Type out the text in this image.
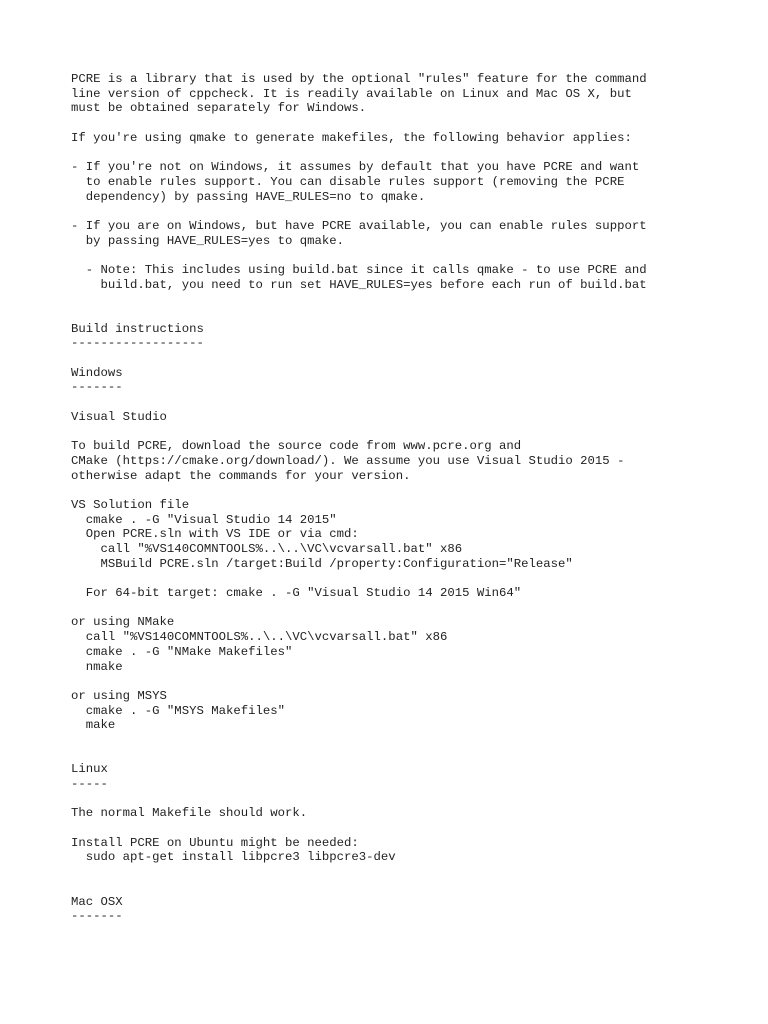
PCRE is a library that is used by the optional "rules" feature for the command
line version of cppcheck. It is readily available on Linux and Mac OS X, but
must be obtained separately for Windows.
If you're using qmake to generate makefiles, the following behavior applies:
- If you're not on Windows, it assumes by default that you have PCRE and want
to enable rules support. You can disable rules support (removing the PCRE
dependency) by passing HAVE_RULES=no to qmake.
- If you are on Windows, but have PCRE available, you can enable rules support
by passing HAVE_RULES=yes to qmake.
- Note: This includes using build.bat since it calls qmake - to use PCRE and
build.bat, you need to run set HAVE_RULES=yes before each run of build.bat
Build instructions
------------------
Windows
-------
Visual Studio
To build PCRE, download the source code from www.pcre.org and
CMake (https://cmake.org/download/). We assume you use Visual Studio 2015 -
otherwise adapt the commands for your version.
VS Solution file
cmake . -G "Visual Studio 14 2015"
Open PCRE.sln with VS IDE or via cmd:
call "%VS140COMNTOOLS%..\..\VC\vcvarsall.bat" x86
MSBuild PCRE.sln /target:Build /property:Configuration="Release"
For 64-bit target: cmake . -G "Visual Studio 14 2015 Win64"
or using NMake
call "%VS140COMNTOOLS%..\..\VC\vcvarsall.bat" x86
cmake . -G "NMake Makefiles"
nmake
or using MSYS
cmake . -G "MSYS Makefiles"
make
Linux
-----
The normal Makefile should work.
Install PCRE on Ubuntu might be needed:
sudo apt-get install libpcre3 libpcre3-dev
Mac OSX
-------
